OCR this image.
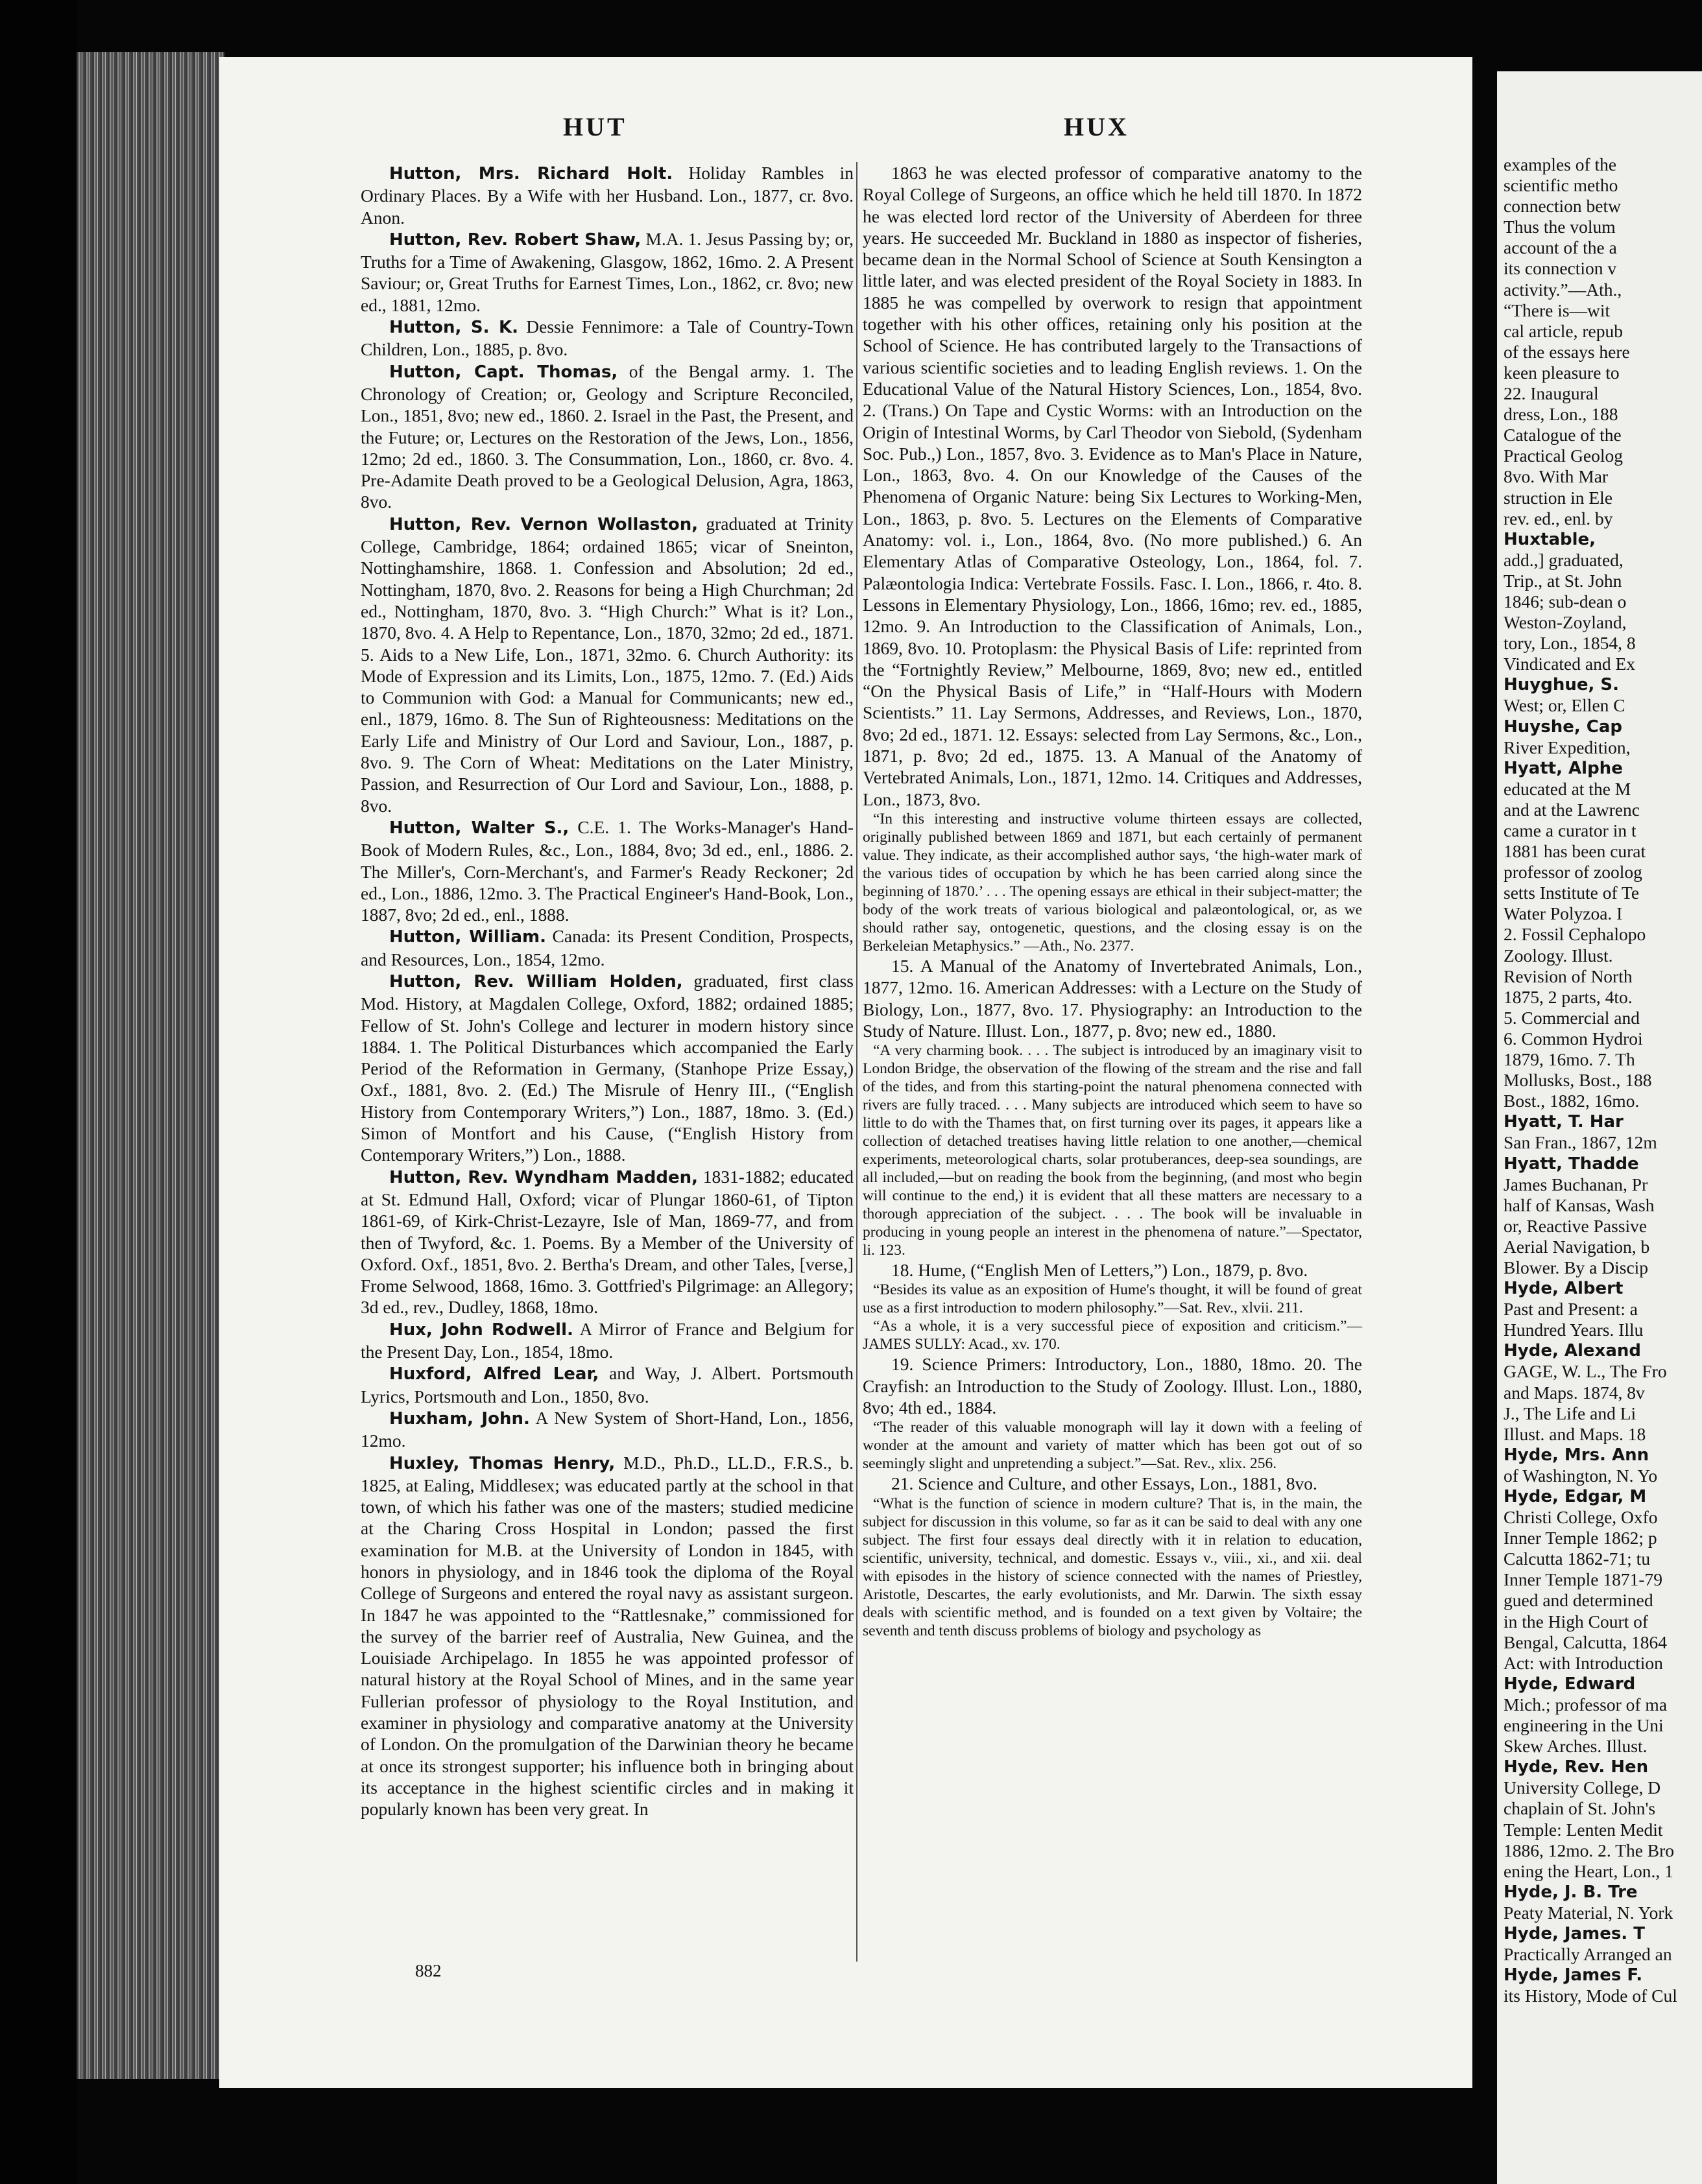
HUT	HUX

Hutton, Mrs. Richard Holt. Holiday Rambles in Ordinary Places. By a Wife with her Husband. Lon., 1877, cr. 8vo. Anon.

Hutton, Rev. Robert Shaw, M.A. 1. Jesus Passing by; or, Truths for a Time of Awakening, Glasgow, 1862, 16mo. 2. A Present Saviour; or, Great Truths for Earnest Times, Lon., 1862, cr. 8vo; new ed., 1881, 12mo.

Hutton, S. K. Dessie Fennimore: a Tale of Country-Town Children, Lon., 1885, p. 8vo.

Hutton, Capt. Thomas, of the Bengal army. 1. The Chronology of Creation; or, Geology and Scripture Reconciled, Lon., 1851, 8vo; new ed., 1860. 2. Israel in the Past, the Present, and the Future; or, Lectures on the Restoration of the Jews, Lon., 1856, 12mo; 2d ed., 1860. 3. The Consummation, Lon., 1860, cr. 8vo. 4. Pre-Adamite Death proved to be a Geological Delusion, Agra, 1863, 8vo.

Hutton, Rev. Vernon Wollaston, graduated at Trinity College, Cambridge, 1864; ordained 1865; vicar of Sneinton, Nottinghamshire, 1868. 1. Confession and Absolution; 2d ed., Nottingham, 1870, 8vo. 2. Reasons for being a High Churchman; 2d ed., Nottingham, 1870, 8vo. 3. “High Church:” What is it? Lon., 1870, 8vo. 4. A Help to Repentance, Lon., 1870, 32mo; 2d ed., 1871. 5. Aids to a New Life, Lon., 1871, 32mo. 6. Church Authority: its Mode of Expression and its Limits, Lon., 1875, 12mo. 7. (Ed.) Aids to Communion with God: a Manual for Communicants; new ed., enl., 1879, 16mo. 8. The Sun of Righteousness: Meditations on the Early Life and Ministry of Our Lord and Saviour, Lon., 1887, p. 8vo. 9. The Corn of Wheat: Meditations on the Later Ministry, Passion, and Resurrection of Our Lord and Saviour, Lon., 1888, p. 8vo.

Hutton, Walter S., C.E. 1. The Works-Manager's Hand-Book of Modern Rules, &c., Lon., 1884, 8vo; 3d ed., enl., 1886. 2. The Miller's, Corn-Merchant's, and Farmer's Ready Reckoner; 2d ed., Lon., 1886, 12mo. 3. The Practical Engineer's Hand-Book, Lon., 1887, 8vo; 2d ed., enl., 1888.

Hutton, William. Canada: its Present Condition, Prospects, and Resources, Lon., 1854, 12mo.

Hutton, Rev. William Holden, graduated, first class Mod. History, at Magdalen College, Oxford, 1882; ordained 1885; Fellow of St. John's College and lecturer in modern history since 1884. 1. The Political Disturbances which accompanied the Early Period of the Reformation in Germany, (Stanhope Prize Essay,) Oxf., 1881, 8vo. 2. (Ed.) The Misrule of Henry III., (“English History from Contemporary Writers,”) Lon., 1887, 18mo. 3. (Ed.) Simon of Montfort and his Cause, (“English History from Contemporary Writers,”) Lon., 1888.

Hutton, Rev. Wyndham Madden, 1831-1882; educated at St. Edmund Hall, Oxford; vicar of Plungar 1860-61, of Tipton 1861-69, of Kirk-Christ-Lezayre, Isle of Man, 1869-77, and from then of Twyford, &c. 1. Poems. By a Member of the University of Oxford. Oxf., 1851, 8vo. 2. Bertha's Dream, and other Tales, [verse,] Frome Selwood, 1868, 16mo. 3. Gottfried's Pilgrimage: an Allegory; 3d ed., rev., Dudley, 1868, 18mo.

Hux, John Rodwell. A Mirror of France and Belgium for the Present Day, Lon., 1854, 18mo.

Huxford, Alfred Lear, and Way, J. Albert. Portsmouth Lyrics, Portsmouth and Lon., 1850, 8vo.

Huxham, John. A New System of Short-Hand, Lon., 1856, 12mo.

Huxley, Thomas Henry, M.D., Ph.D., LL.D., F.R.S., b. 1825, at Ealing, Middlesex; was educated partly at the school in that town, of which his father was one of the masters; studied medicine at the Charing Cross Hospital in London; passed the first examination for M.B. at the University of London in 1845, with honors in physiology, and in 1846 took the diploma of the Royal College of Surgeons and entered the royal navy as assistant surgeon. In 1847 he was appointed to the “Rattlesnake,” commissioned for the survey of the barrier reef of Australia, New Guinea, and the Louisiade Archipelago. In 1855 he was appointed professor of natural history at the Royal School of Mines, and in the same year Fullerian professor of physiology to the Royal Institution, and examiner in physiology and comparative anatomy at the University of London. On the promulgation of the Darwinian theory he became at once its strongest supporter; his influence both in bringing about its acceptance in the highest scientific circles and in making it popularly known has been very great. In

1863 he was elected professor of comparative anatomy to the Royal College of Surgeons, an office which he held till 1870. In 1872 he was elected lord rector of the University of Aberdeen for three years. He succeeded Mr. Buckland in 1880 as inspector of fisheries, became dean in the Normal School of Science at South Kensington a little later, and was elected president of the Royal Society in 1883. In 1885 he was compelled by overwork to resign that appointment together with his other offices, retaining only his position at the School of Science. He has contributed largely to the Transactions of various scientific societies and to leading English reviews. 1. On the Educational Value of the Natural History Sciences, Lon., 1854, 8vo. 2. (Trans.) On Tape and Cystic Worms: with an Introduction on the Origin of Intestinal Worms, by Carl Theodor von Siebold, (Sydenham Soc. Pub.,) Lon., 1857, 8vo. 3. Evidence as to Man's Place in Nature, Lon., 1863, 8vo. 4. On our Knowledge of the Causes of the Phenomena of Organic Nature: being Six Lectures to Working-Men, Lon., 1863, p. 8vo. 5. Lectures on the Elements of Comparative Anatomy: vol. i., Lon., 1864, 8vo. (No more published.) 6. An Elementary Atlas of Comparative Osteology, Lon., 1864, fol. 7. Palæontologia Indica: Vertebrate Fossils. Fasc. I. Lon., 1866, r. 4to. 8. Lessons in Elementary Physiology, Lon., 1866, 16mo; rev. ed., 1885, 12mo. 9. An Introduction to the Classification of Animals, Lon., 1869, 8vo. 10. Protoplasm: the Physical Basis of Life: reprinted from the “Fortnightly Review,” Melbourne, 1869, 8vo; new ed., entitled “On the Physical Basis of Life,” in “Half-Hours with Modern Scientists.” 11. Lay Sermons, Addresses, and Reviews, Lon., 1870, 8vo; 2d ed., 1871. 12. Essays: selected from Lay Sermons, &c., Lon., 1871, p. 8vo; 2d ed., 1875. 13. A Manual of the Anatomy of Vertebrated Animals, Lon., 1871, 12mo. 14. Critiques and Addresses, Lon., 1873, 8vo.

“In this interesting and instructive volume thirteen essays are collected, originally published between 1869 and 1871, but each certainly of permanent value. They indicate, as their accomplished author says, ‘the high-water mark of the various tides of occupation by which he has been carried along since the beginning of 1870.’ . . . The opening essays are ethical in their subject-matter; the body of the work treats of various biological and palæontological, or, as we should rather say, ontogenetic, questions, and the closing essay is on the Berkeleian Metaphysics.” —Ath., No. 2377.

15. A Manual of the Anatomy of Invertebrated Animals, Lon., 1877, 12mo. 16. American Addresses: with a Lecture on the Study of Biology, Lon., 1877, 8vo. 17. Physiography: an Introduction to the Study of Nature. Illust. Lon., 1877, p. 8vo; new ed., 1880.

“A very charming book. . . . The subject is introduced by an imaginary visit to London Bridge, the observation of the flowing of the stream and the rise and fall of the tides, and from this starting-point the natural phenomena connected with rivers are fully traced. . . . Many subjects are introduced which seem to have so little to do with the Thames that, on first turning over its pages, it appears like a collection of detached treatises having little relation to one another,—chemical experiments, meteorological charts, solar protuberances, deep-sea soundings, are all included,—but on reading the book from the beginning, (and most who begin will continue to the end,) it is evident that all these matters are necessary to a thorough appreciation of the subject. . . . The book will be invaluable in producing in young people an interest in the phenomena of nature.”—Spectator, li. 123.

18. Hume, (“English Men of Letters,”) Lon., 1879, p. 8vo.

“Besides its value as an exposition of Hume's thought, it will be found of great use as a first introduction to modern philosophy.”—Sat. Rev., xlvii. 211.

“As a whole, it is a very successful piece of exposition and criticism.”—JAMES SULLY: Acad., xv. 170.

19. Science Primers: Introductory, Lon., 1880, 18mo. 20. The Crayfish: an Introduction to the Study of Zoology. Illust. Lon., 1880, 8vo; 4th ed., 1884.

“The reader of this valuable monograph will lay it down with a feeling of wonder at the amount and variety of matter which has been got out of so seemingly slight and unpretending a subject.”—Sat. Rev., xlix. 256.

21. Science and Culture, and other Essays, Lon., 1881, 8vo.

“What is the function of science in modern culture? That is, in the main, the subject for discussion in this volume, so far as it can be said to deal with any one subject. The first four essays deal directly with it in relation to education, scientific, university, technical, and domestic. Essays v., viii., xi., and xii. deal with episodes in the history of science connected with the names of Priestley, Aristotle, Descartes, the early evolutionists, and Mr. Darwin. The sixth essay deals with scientific method, and is founded on a text given by Voltaire; the seventh and tenth discuss problems of biology and psychology as

882
examples of the
scientific metho
connection betw
Thus the volum
account of the a
its connection v
activity.”—Ath.,
“There is—wit
cal article, repub
of the essays here
keen pleasure to
22. Inaugural
dress, Lon., 188
Catalogue of the
Practical Geolog
8vo. With Mar
struction in Ele
rev. ed., enl. by
Huxtable,
add.,] graduated,
Trip., at St. John
1846; sub-dean o
Weston-Zoyland,
tory, Lon., 1854, 8
Vindicated and Ex
Huyghue, S.
West; or, Ellen C
Huyshe, Cap
River Expedition,
Hyatt, Alphe
educated at the M
and at the Lawrenc
came a curator in t
1881 has been curat
professor of zoolog
setts Institute of Te
Water Polyzoa. I
2. Fossil Cephalopo
Zoology. Illust.
Revision of North
1875, 2 parts, 4to.
5. Commercial and
6. Common Hydroi
1879, 16mo. 7. Th
Mollusks, Bost., 188
Bost., 1882, 16mo.
Hyatt, T. Har
San Fran., 1867, 12m
Hyatt, Thadde
James Buchanan, Pr
half of Kansas, Wash
or, Reactive Passive
Aerial Navigation, b
Blower. By a Discip
Hyde, Albert
Past and Present: a
Hundred Years. Illu
Hyde, Alexand
GAGE, W. L., The Fro
and Maps. 1874, 8v
J., The Life and Li
Illust. and Maps. 18
Hyde, Mrs. Ann
of Washington, N. Yo
Hyde, Edgar, M
Christi College, Oxfo
Inner Temple 1862; p
Calcutta 1862-71; tu
Inner Temple 1871-79
gued and determined
in the High Court of
Bengal, Calcutta, 1864
Act: with Introduction
Hyde, Edward
Mich.; professor of ma
engineering in the Uni
Skew Arches. Illust.
Hyde, Rev. Hen
University College, D
chaplain of St. John's
Temple: Lenten Medit
1886, 12mo. 2. The Bro
ening the Heart, Lon., 1
Hyde, J. B. Tre
Peaty Material, N. York
Hyde, James. T
Practically Arranged an
Hyde, James F.
its History, Mode of Cul
